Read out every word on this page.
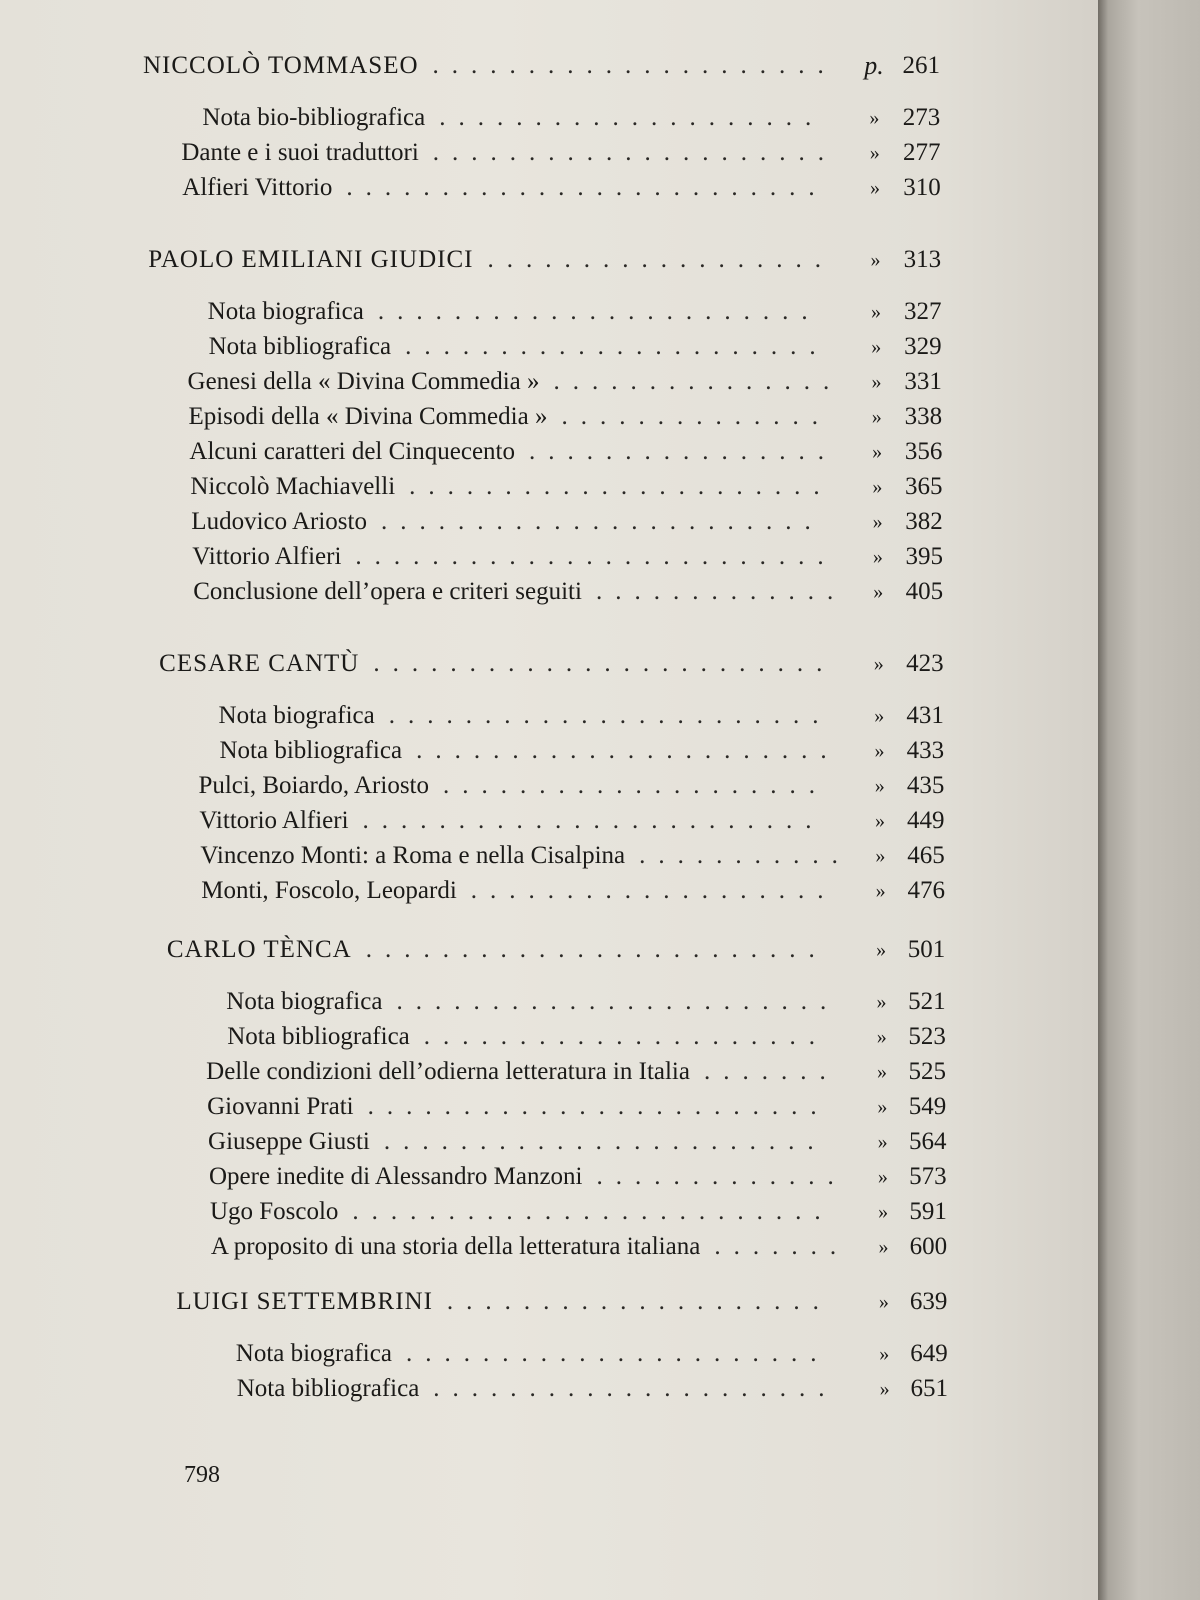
.....................
NICCOLÒ TOMMASEO	p. 261
....................
Nota bio-bibliografica	» 273
.....................
Dante e i suoi traduttori	» 277
.........................
Alfieri Vittorio	» 310
..................
PAOLO EMILIANI GIUDICI	» 313
.......................
Nota biografica	» 327
......................
Nota bibliografica	» 329
...............
Genesi della « Divina Commedia »	» 331
..............
Episodi della « Divina Commedia »	» 338
................
Alcuni caratteri del Cinquecento	» 356
......................
Niccolò Machiavelli	» 365
.......................
Ludovico Ariosto	» 382
.........................
Vittorio Alfieri	» 395
.............
Conclusione dell’opera e criteri seguiti	» 405
........................
CESARE CANTÙ	» 423
.......................
Nota biografica	» 431
......................
Nota bibliografica	» 433
....................
Pulci, Boiardo, Ariosto	» 435
........................
Vittorio Alfieri	» 449
...........
Vincenzo Monti: a Roma e nella Cisalpina	» 465
...................
Monti, Foscolo, Leopardi	» 476
........................
CARLO TÈNCA	» 501
.......................
Nota biografica	» 521
.....................
Nota bibliografica	» 523
.......
Delle condizioni dell’odierna letteratura in Italia	» 525
........................
Giovanni Prati	» 549
.......................
Giuseppe Giusti	» 564
.............
Opere inedite di Alessandro Manzoni	» 573
.........................
Ugo Foscolo	» 591
.......
A proposito di una storia della letteratura italiana	» 600
....................
LUIGI SETTEMBRINI	» 639
......................
Nota biografica	» 649
.....................
Nota bibliografica	» 651
798
